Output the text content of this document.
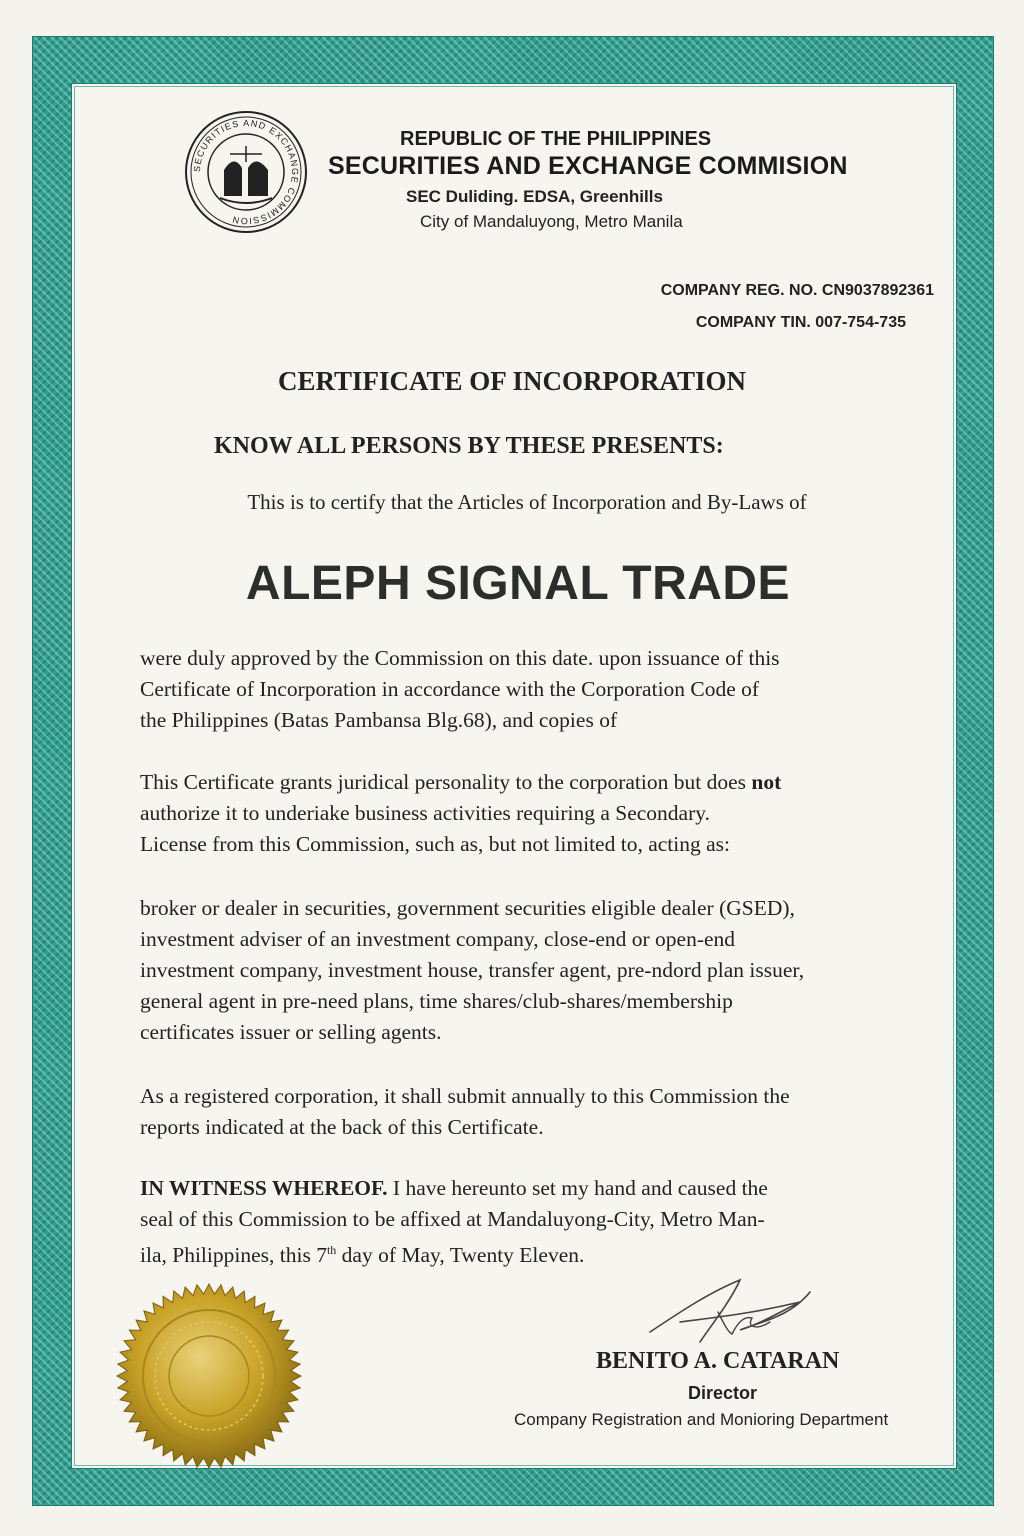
SECURITIES AND EXCHANGE COMMISSION
REPUBLIC OF THE PHILIPPINES
SECURITIES AND EXCHANGE COMMISION
SEC Duliding. EDSA, Greenhills
City of Mandaluyong, Metro Manila
COMPANY REG. NO. CN9037892361
COMPANY TIN. 007-754-735
CERTIFICATE OF INCORPORATION
KNOW ALL PERSONS BY THESE PRESENTS:
This is to certify that the Articles of Incorporation and By-Laws of
ALEPH SIGNAL TRADE

were duly approved by the Commission on this date. upon issuance of this

Certificate of Incorporation in accordance with the Corporation Code of

the Philippines (Batas Pambansa Blg.68), and copies of

This Certificate grants juridical personality to the corporation but does not

authorize it to underiake business activities requiring a Secondary.

License from this Commission, such as, but not limited to, acting as:

broker or dealer in securities, government securities eligible dealer (GSED),

investment adviser of an investment company, close-end or open-end

investment company, investment house, transfer agent, pre-ndord plan issuer,

general agent in pre-need plans, time shares/club-shares/membership

certificates issuer or selling agents.

As a registered corporation, it shall submit annually to this Commission the

reports indicated at the back of this Certificate.

IN WITNESS WHEREOF. I have hereunto set my hand and caused the

seal of this Commission to be affixed at Mandaluyong-City, Metro Man-

ila, Philippines, this 7th day of May, Twenty Eleven.

BENITO A. CATARAN
Director
Company Registration and Monioring Department
